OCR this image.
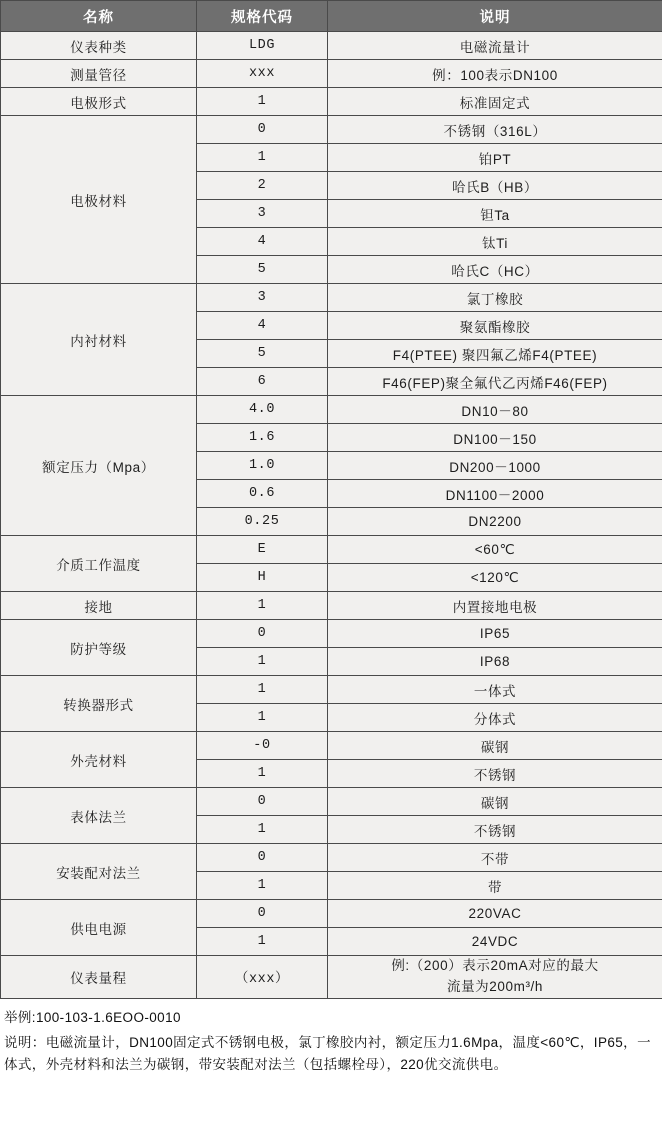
名称	规格代码	说明
仪表种类	LDG	电磁流量计
测量管径	xxx	例：100表示DN100
电极形式	1	标准固定式
电极材料	0	不锈钢（316L）
	1	铂PT
	2	哈氏B（HB）
	3	钽Ta
	4	钛Ti
	5	哈氏C（HC）
内衬材料	3	氯丁橡胶
	4	聚氨酯橡胶
	5	F4(PTEE) 聚四氟乙烯F4(PTEE)
	6	F46(FEP)聚全氟代乙丙烯F46(FEP)
额定压力（Mpa）	4.0	DN10－80
	1.6	DN100－150
	1.0	DN200－1000
	0.6	DN1100－2000
	0.25	DN2200
介质工作温度	E	<60℃
	H	<120℃
接地	1	内置接地电极
防护等级	0	IP65
	1	IP68
转换器形式	1	一体式
	1	分体式
外壳材料	-0	碳钢
	1	不锈钢
表体法兰	0	碳钢
	1	不锈钢
安装配对法兰	0	不带
	1	带
供电电源	0	220VAC
	1	24VDC
仪表量程	（xxx）	例:（200）表示20mA对应的最大
流量为200m³/h

举例:100-103-1.6EOO-0010

说明：电磁流量计，DN100固定式不锈钢电极，氯丁橡胶内衬，额定压力1.6Mpa，温度<60℃，IP65，一体式，外壳材料和法兰为碳钢，带安装配对法兰（包括螺栓母），220优交流供电。
